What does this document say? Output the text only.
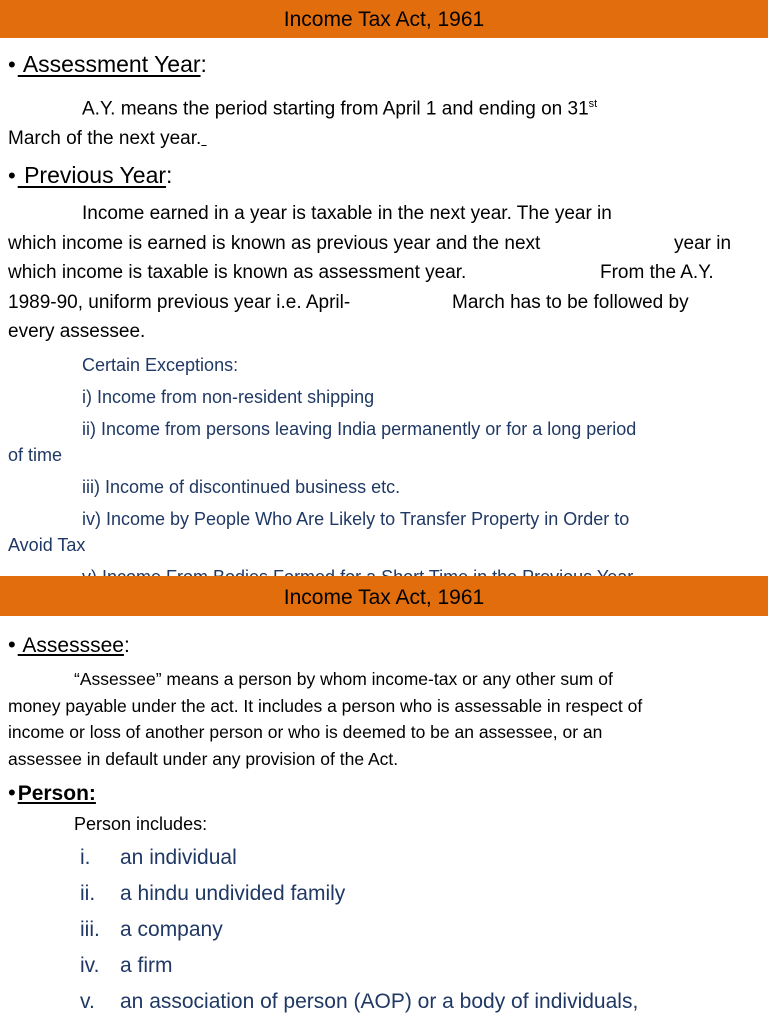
Income Tax Act, 1961
• Assessment Year:
A.Y. means the period starting from April 1 and ending on 31st
March of the next year.
• Previous Year:
Income earned in a year is taxable in the next year. The year in
which income is earned is known as previous year and the next	year in
which income is taxable is known as assessment year.	From the A.Y.
1989-90, uniform previous year i.e. April-	March has to be followed by
every assessee.
Certain Exceptions:
i) Income from non-resident shipping
ii) Income from persons leaving India permanently or for a long period
of time
iii) Income of discontinued business etc.
iv) Income by People Who Are Likely to Transfer Property in Order to
Avoid Tax
Income Tax Act, 1961
• Assesssee:
“Assessee” means a person by whom income-tax or any other sum of
money payable under the act. It includes a person who is assessable in respect of
income or loss of another person or who is deemed to be an assessee, or an
assessee in default under any provision of the Act.
•Person:
Person includes:
i. an individual
ii. a hindu undivided family
iii. a company
iv. a firm
v. an association of person (AOP) or a body of individuals,
